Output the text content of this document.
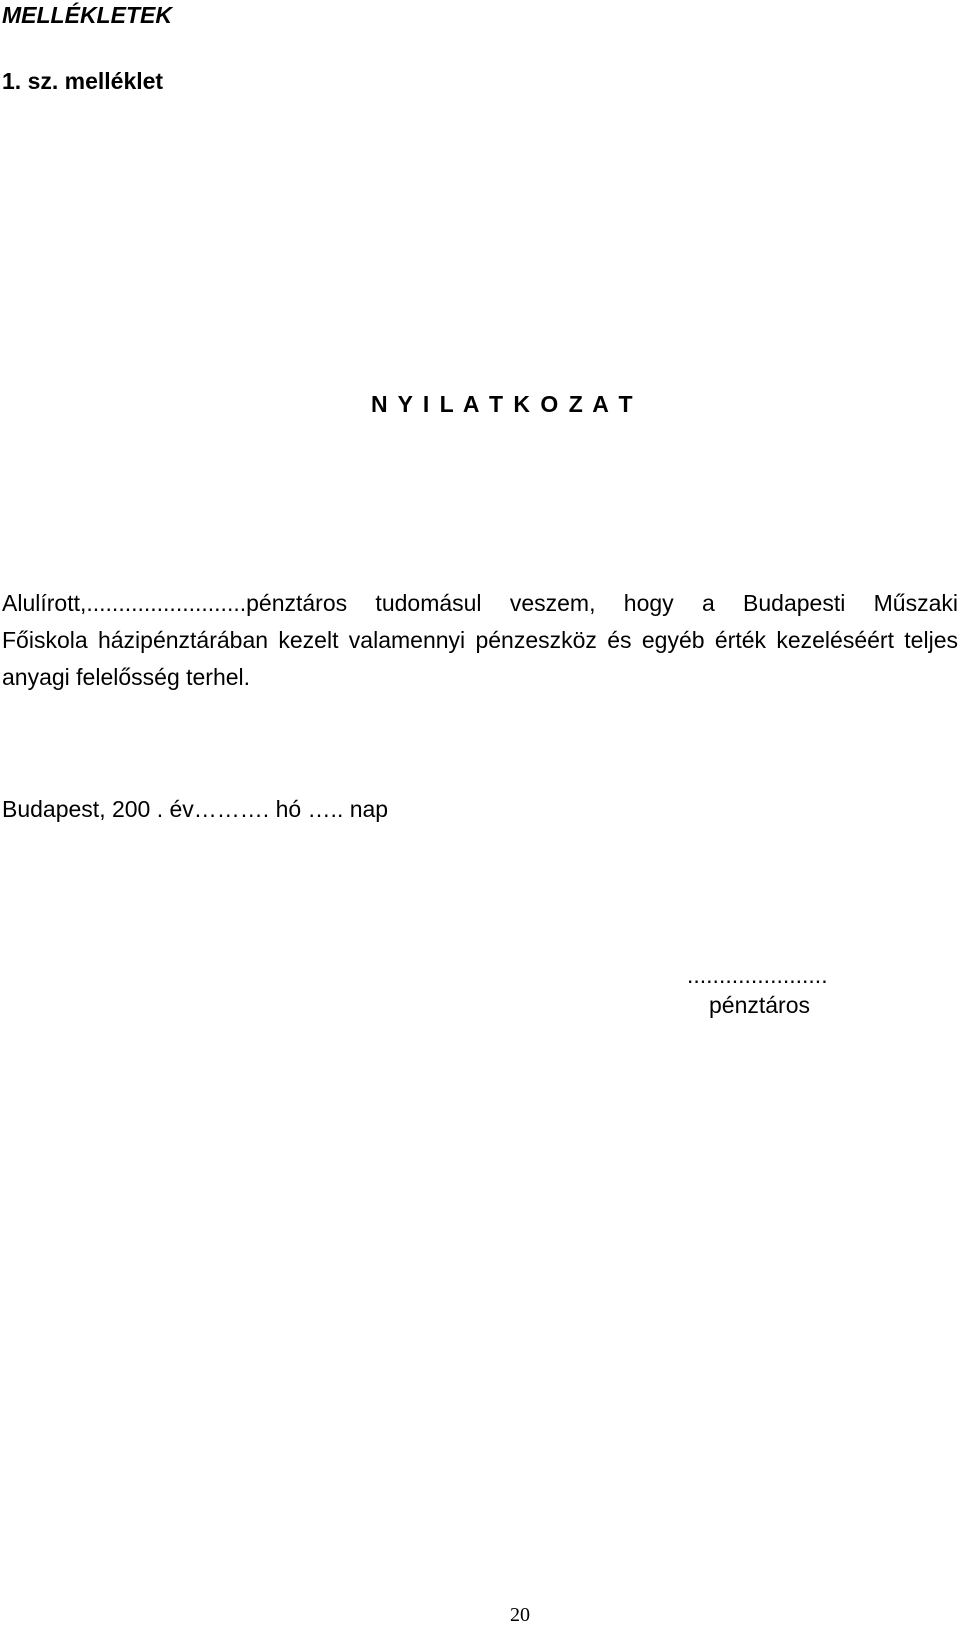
MELLÉKLETEK
1. sz. melléklet
N Y I L A T K O Z A T
Alulírott,.........................pénztáros tudomásul veszem, hogy a Budapesti Műszaki
Főiskola házipénztárában kezelt valamennyi pénzeszköz és egyéb érték kezeléséért teljes
anyagi felelősség terhel.
Budapest, 200 . év………. hó ….. nap
......................
pénztáros
20
